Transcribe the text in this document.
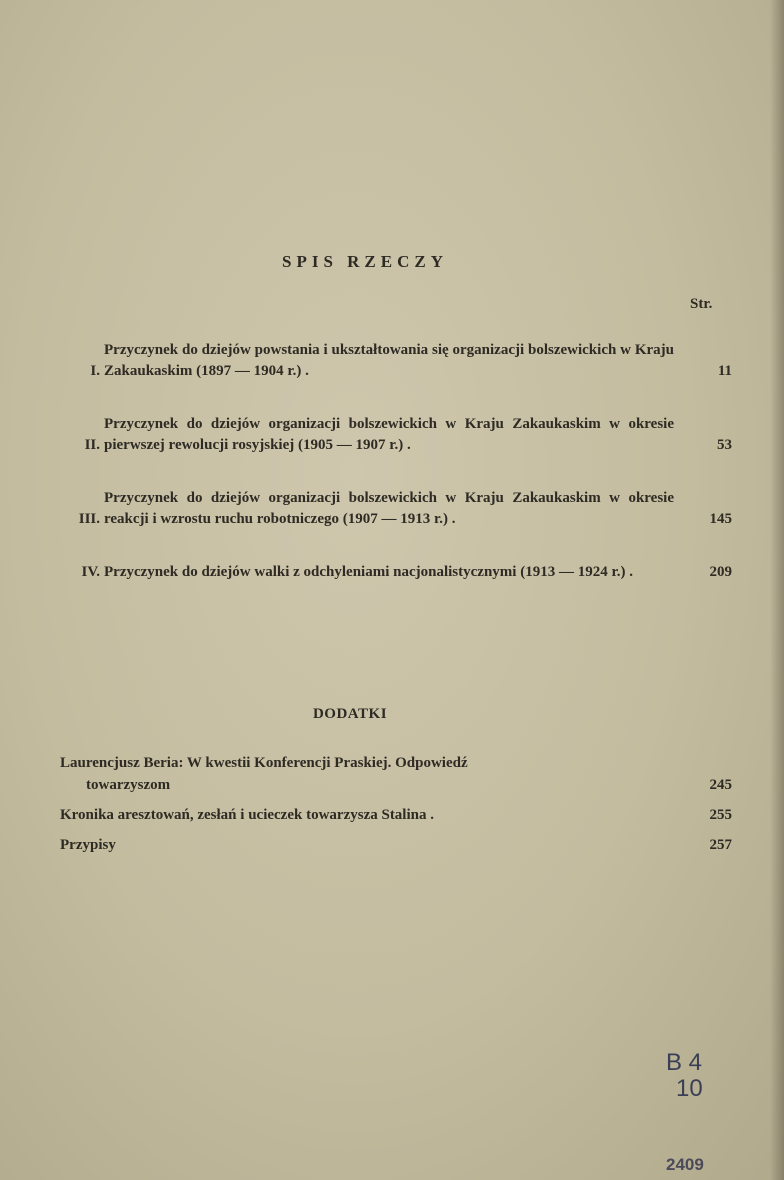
SPIS RZECZY
Str.
I.
Przyczynek do dziejów powstania i ukształtowania się organizacji bolszewickich w Kraju Zakaukaskim (1897 — 1904 r.) .	11
II.
Przyczynek do dziejów organizacji bolszewickich w Kraju Zakaukaskim w okresie pierwszej rewolucji rosyjskiej (1905 — 1907 r.) .	53
III.
Przyczynek do dziejów organizacji bolszewickich w Kraju Zakaukaskim w okresie reakcji i wzrostu ruchu robotniczego (1907 — 1913 r.) .	145
IV. Przyczynek do dziejów walki z odchyleniami nacjonalistycznymi (1913 — 1924 r.) .	209
DODATKI
Laurencjusz Beria: W kwestii Konferencji Praskiej. Odpowiedź
towarzyszom	245
Kronika aresztowań, zesłań i ucieczek towarzysza Stalina .	255
Przypisy	257
B 4
10
2409
